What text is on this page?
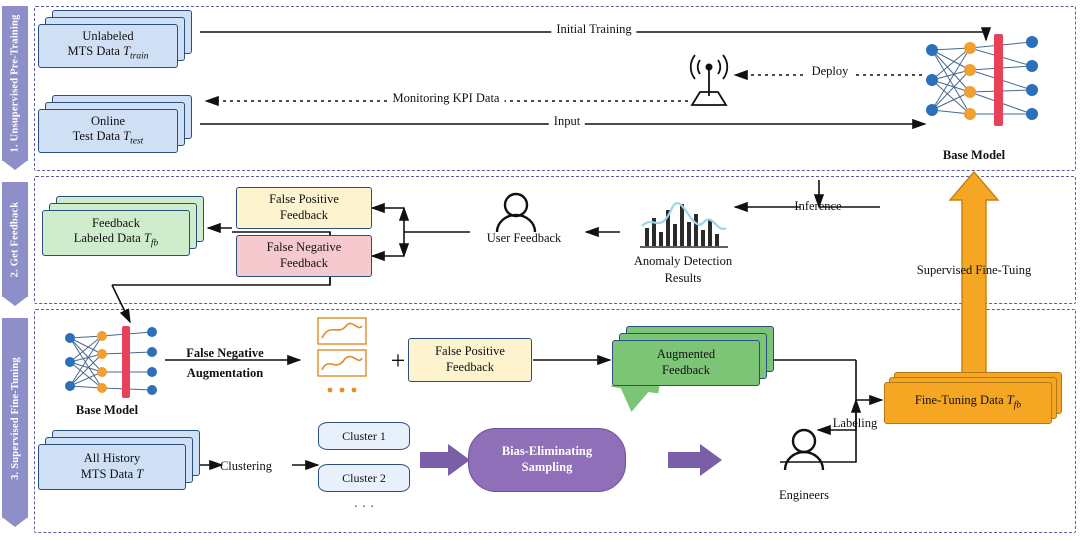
1. Unsupervised Pre-Training
2. Get Feedback
3. Supervised Fine-Tuning
Unlabeled
MTS Data $T_{train}$
Online
Test Data $T_{test}$
Initial Training
Deploy
Monitoring KPI Data
Input
Base Model
Feedback
Labeled Data $T_{fb}$
False Positive
Feedback
False Negative
Feedback
User Feedback
Anomaly Detection
Results
Inference
Supervised Fine-Tuing
Base Model
False Negative
Augmentation	+ False Positive
Feedback
Augmented
Feedback
All History
MTS Data T
Clustering
Cluster 1
Cluster 2
· · ·
Bias-Eliminating
Sampling
Engineers
Labeling
Fine-Tuning Data $T_{fb}$
